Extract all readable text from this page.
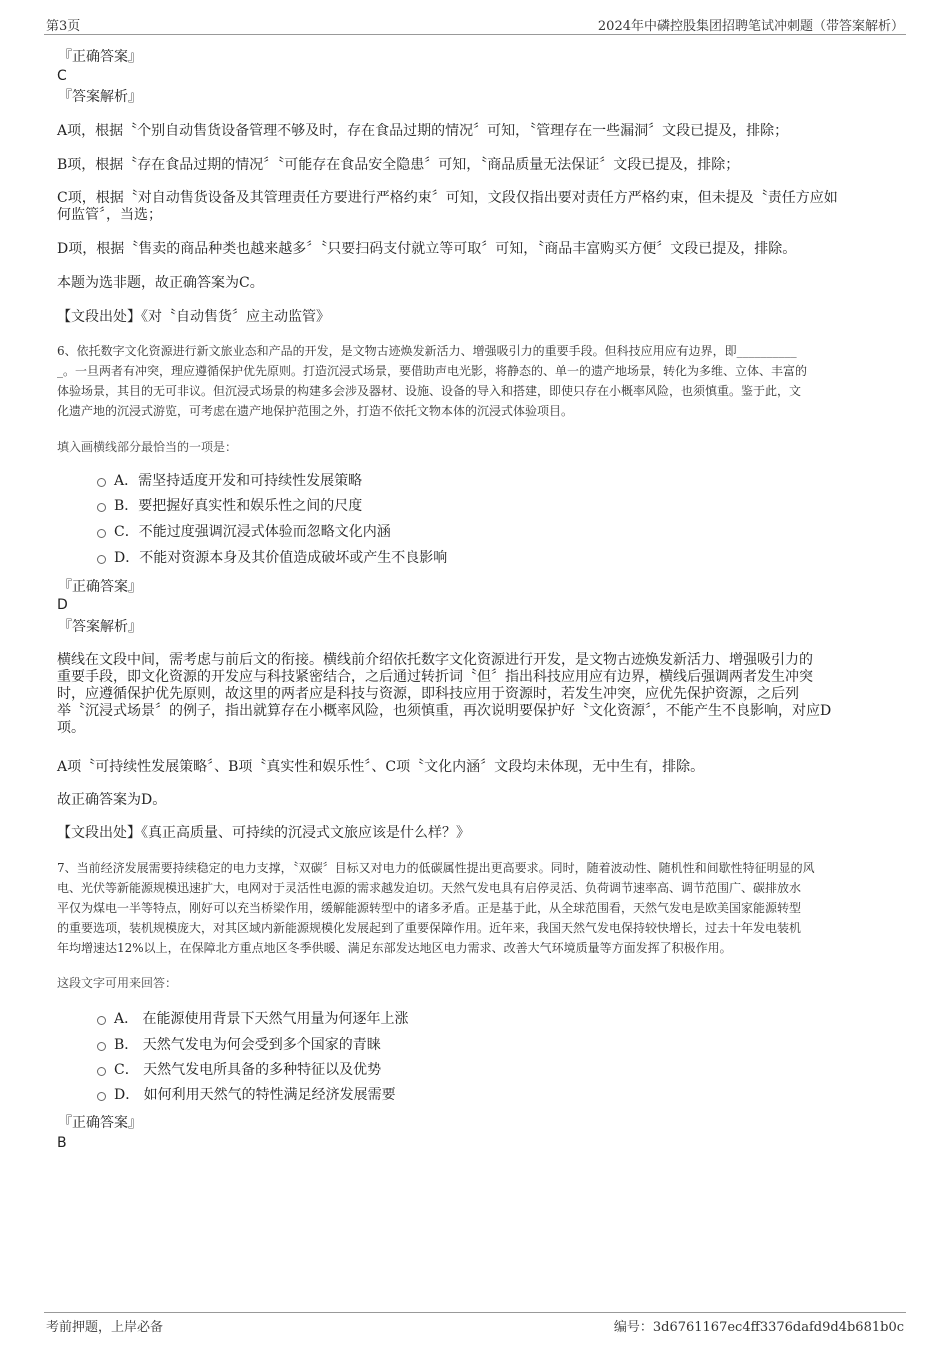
第3页	2024年中磷控股集团招聘笔试冲刺题（带答案解析）
『正确答案』
C
『答案解析』
A项，根据〝个别自动售货设备管理不够及时，存在食品过期的情况〞可知，〝管理存在一些漏洞〞文段已提及，排除；
B项，根据〝存在食品过期的情况〞〝可能存在食品安全隐患〞可知，〝商品质量无法保证〞文段已提及，排除；
C项，根据〝对自动售货设备及其管理责任方要进行严格约束〞可知，文段仅指出要对责任方严格约束，但未提及〝责任方应如
何监管〞，当选；
D项，根据〝售卖的商品种类也越来越多〞〝只要扫码支付就立等可取〞可知，〝商品丰富购买方便〞文段已提及，排除。
本题为选非题，故正确答案为C。
【文段出处】《对〝自动售货〞应主动监管》
6、依托数字文化资源进行新文旅业态和产品的开发，是文物古迹焕发新活力、增强吸引力的重要手段。但科技应用应有边界，即__________
_。一旦两者有冲突，理应遵循保护优先原则。打造沉浸式场景，要借助声电光影，将静态的、单一的遗产地场景，转化为多维、立体、丰富的
体验场景，其目的无可非议。但沉浸式场景的构建多会涉及器材、设施、设备的导入和搭建，即使只存在小概率风险，也须慎重。鉴于此，文
化遗产地的沉浸式游览，可考虑在遗产地保护范围之外，打造不依托文物本体的沉浸式体验项目。
填入画横线部分最恰当的一项是：
A．需坚持适度开发和可持续性发展策略
B．要把握好真实性和娱乐性之间的尺度
C．不能过度强调沉浸式体验而忽略文化内涵
D．不能对资源本身及其价值造成破坏或产生不良影响
『正确答案』
D
『答案解析』
横线在文段中间，需考虑与前后文的衔接。横线前介绍依托数字文化资源进行开发，是文物古迹焕发新活力、增强吸引力的
重要手段，即文化资源的开发应与科技紧密结合，之后通过转折词〝但〞指出科技应用应有边界，横线后强调两者发生冲突
时，应遵循保护优先原则，故这里的两者应是科技与资源，即科技应用于资源时，若发生冲突，应优先保护资源，之后列
举〝沉浸式场景〞的例子，指出就算存在小概率风险，也须慎重，再次说明要保护好〝文化资源〞，不能产生不良影响，对应D
项。
A项〝可持续性发展策略〞、B项〝真实性和娱乐性〞、C项〝文化内涵〞文段均未体现，无中生有，排除。
故正确答案为D。
【文段出处】《真正高质量、可持续的沉浸式文旅应该是什么样？》
7、当前经济发展需要持续稳定的电力支撑，〝双碳〞目标又对电力的低碳属性提出更高要求。同时，随着波动性、随机性和间歇性特征明显的风
电、光伏等新能源规模迅速扩大，电网对于灵活性电源的需求越发迫切。天然气发电具有启停灵活、负荷调节速率高、调节范围广、碳排放水
平仅为煤电一半等特点，刚好可以充当桥梁作用，缓解能源转型中的诸多矛盾。正是基于此，从全球范围看，天然气发电是欧美国家能源转型
的重要选项，装机规模庞大，对其区域内新能源规模化发展起到了重要保障作用。近年来，我国天然气发电保持较快增长，过去十年发电装机
年均增速达12%以上，在保障北方重点地区冬季供暖、满足东部发达地区电力需求、改善大气环境质量等方面发挥了积极作用。
这段文字可用来回答：
A． 在能源使用背景下天然气用量为何逐年上涨
B． 天然气发电为何会受到多个国家的青睐
C． 天然气发电所具备的多种特征以及优势
D． 如何利用天然气的特性满足经济发展需要
『正确答案』
B
考前押题，上岸必备	编号：3d6761167ec4ff3376dafd9d4b681b0c
